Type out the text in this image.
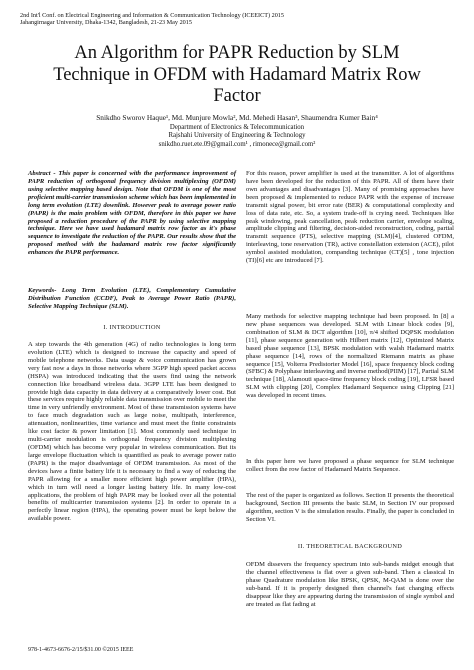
2nd Int'l Conf. on Electrical Engineering and Information & Communication Technology (ICEEICT) 2015
Jahangirnagar University, Dhaka-1342, Bangladesh, 21-23 May 2015
An Algorithm for PAPR Reduction by SLM
Technique in OFDM with Hadamard Matrix Row
Factor
Snikdho Sworov Haque¹, Md. Munjure Mowla², Md. Mehedi Hasan³, Shaumendra Kumer Bain⁴
Department of Electronics & Telecommunication
Rajshahi University of Engineering & Technology
snikdho.ruet.ete.09@gmail.com¹ , rimonece@gmail.com²

Abstract - This paper is concerned with the performance improvement of PAPR reduction of orthogonal frequency division multiplexing (OFDM) using selective mapping based design. Note that OFDM is one of the most proficient multi-carrier transmission scheme which has been implemented in long term evolution (LTE) downlink. However peak to average power ratio (PAPR) is the main problem with OFDM, therefore in this paper we have proposed a reduction procedure of the PAPR by using selective mapping technique. Here we have used hadamard matrix row factor as it's phase sequence to investigate the reduction of the PAPR. Our results show that the proposed method with the hadamard matrix row factor significantly enhances the PAPR performance.

Keywords- Long Term Evolution (LTE), Complementary Cumulative Distribution Function (CCDF), Peak to Average Power Ratio (PAPR), Selective Mapping Technique (SLM).

I. INTRODUCTION

A step towards the 4th generation (4G) of radio technologies is long term evolution (LTE) which is designed to increase the capacity and speed of mobile telephone networks. Data usage & voice communication has grown very fast now a days in those networks where 3GPP high speed packet access (HSPA) was introduced indicating that the users find using the network connection like broadband wireless data. 3GPP LTE has been designed to provide high data capacity in data delivery at a comparatively lower cost. But these services require highly reliable data transmission over mobile to meet the time in very unfriendly environment. Most of these transmission systems have to face much degradation such as large noise, multipath, interference, attenuation, nonlinearities, time variance and must meet the finite constraints like cost factor & power limitation [1]. Most commonly used technique in multi-carrier modulation is orthogonal frequency division multiplexing (OFDM) which has become very popular in wireless communication. But its large envelope fluctuation which is quantified as peak to average power ratio (PAPR) is the major disadvantage of OFDM transmission. As most of the devices have a finite battery life it is necessary to find a way of reducing the PAPR allowing for a smaller more efficient high power amplifier (HPA), which in turn will need a longer lasting battery life. In many low-cost applications, the problem of high PAPR may be looked over all the potential benefits of multicarrier transmission systems [2]. In order to operate in a perfectly linear region (HPA), the operating power must be kept below the available power.

For this reason, power amplifier is used at the transmitter. A lot of algorithms have been developed for the reduction of this PAPR. All of them have their own advantages and disadvantages [3]. Many of promising approaches have been proposed & implemented to reduce PAPR with the expense of increase transmit signal power, bit error rate (BER) & computational complexity and loss of data rate, etc. So, a system trade-off is crying need. Techniques like peak windowing, peak cancellation, peak reduction carrier, envelope scaling, amplitude clipping and filtering, decision-aided reconstruction, coding, partial transmit sequence (PTS), selective mapping (SLM)[4], clustered OFDM, interleaving, tone reservation (TR), active constellation extension (ACE), pilot symbol assisted modulation, companding technique (CT)[5] , tone injection (TI)[6] etc are introduced [7].

Many methods for selective mapping technique had been proposed. In [8] a new phase sequences was developed. SLM with Linear block codes [9], combination of SLM & DCT algorithm [10], π/4 shifted DQPSK modulation [11], phase sequence generation with Hilbert matrix [12], Optimized Matrix based phase sequence [13], BPSK modulation with walsh Hadamard matrix phase sequence [14], rows of the normalized Riemann matrix as phase sequence [15], Volterra Predistorter Model [16], space frequency block coding (SFBC) & Polyphase interleaving and inverse method(PIIM) [17], Partial SLM technique [18], Alamouti space-time frequency block coding [19], LFSR based SLM with clipping [20], Complex Hadamard Sequence using Clipping [21] was developed in recent times.

In this paper here we have proposed a phase sequence for SLM technique collect from the row factor of Hadamard Matrix Sequence.

The rest of the paper is organized as follows. Section II presents the theoretical background, Section III presents the basic SLM, in Section IV our proposed algorithm, section V is the simulation results. Finally, the paper is concluded in Section VI.

II. THEORETICAL BACKGROUND

OFDM dissevers the frequency spectrum into sub-bands midget enough that the channel effectiveness is flat over a given sub-band. Then a classical In phase Quadrature modulation like BPSK, QPSK, M-QAM is done over the sub-band. If it is properly designed then channel's fast changing effects disappear like they are appearing during the transmission of single symbol and are treated as flat fading at

978-1-4673-6676-2/15/$31.00 ©2015 IEEE
